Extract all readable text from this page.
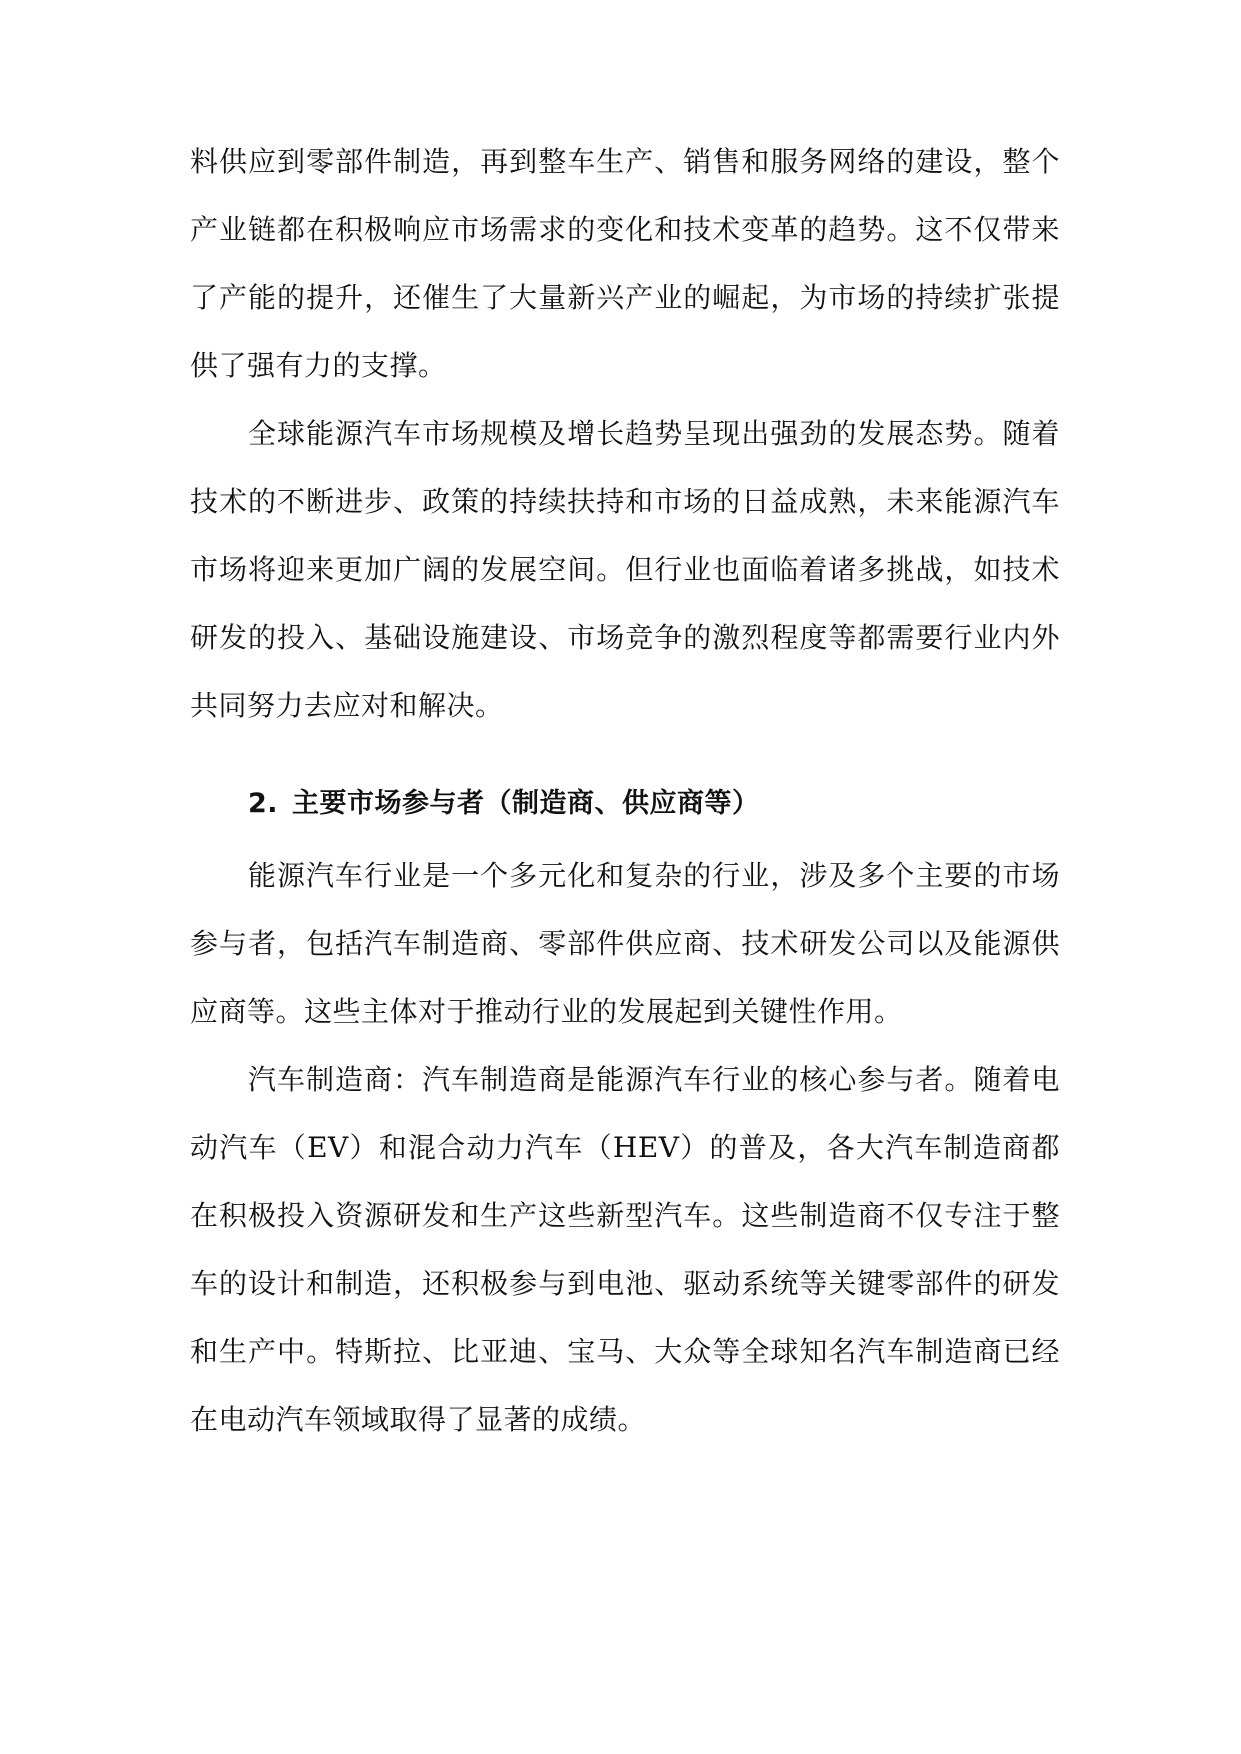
料供应到零部件制造，再到整车生产、销售和服务网络的建设，整个产业链都在积极响应市场需求的变化和技术变革的趋势。这不仅带来了产能的提升，还催生了大量新兴产业的崛起，为市场的持续扩张提供了强有力的支撑。

全球能源汽车市场规模及增长趋势呈现出强劲的发展态势。随着技术的不断进步、政策的持续扶持和市场的日益成熟，未来能源汽车市场将迎来更加广阔的发展空间。但行业也面临着诸多挑战，如技术研发的投入、基础设施建设、市场竞争的激烈程度等都需要行业内外共同努力去应对和解决。

2. 主要市场参与者（制造商、供应商等）

能源汽车行业是一个多元化和复杂的行业，涉及多个主要的市场参与者，包括汽车制造商、零部件供应商、技术研发公司以及能源供应商等。这些主体对于推动行业的发展起到关键性作用。

汽车制造商：汽车制造商是能源汽车行业的核心参与者。随着电动汽车（EV）和混合动力汽车（HEV）的普及，各大汽车制造商都在积极投入资源研发和生产这些新型汽车。这些制造商不仅专注于整车的设计和制造，还积极参与到电池、驱动系统等关键零部件的研发和生产中。特斯拉、比亚迪、宝马、大众等全球知名汽车制造商已经在电动汽车领域取得了显著的成绩。
